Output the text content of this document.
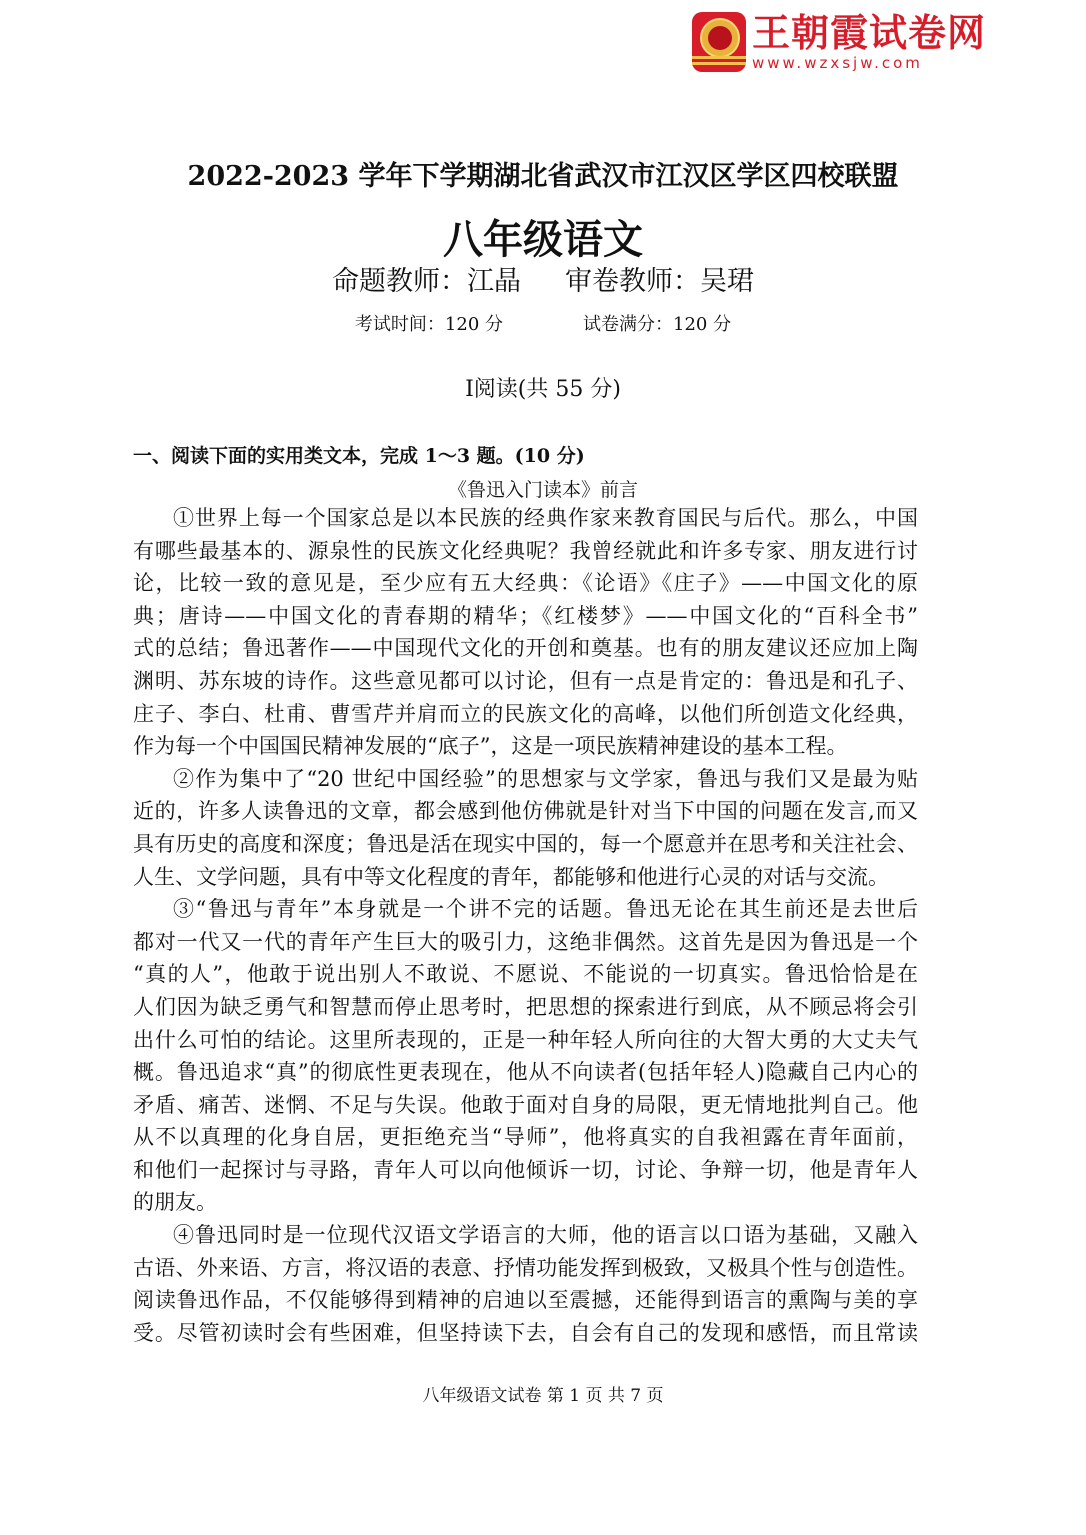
王朝霞试卷网
www.wzxsjw.com
2022-2023 学年下学期湖北省武汉市江汉区学区四校联盟
八年级语文
命题教师：江晶 审卷教师：吴珺
考试时间：120 分	试卷满分：120 分
Ⅰ阅读(共 55 分)
一、阅读下面的实用类文本，完成 1～3 题。(10 分)
《鲁迅入门读本》前言
①世界上每一个国家总是以本民族的经典作家来教育国民与后代。那么，中国
有哪些最基本的、源泉性的民族文化经典呢？我曾经就此和许多专家、朋友进行讨
论，比较一致的意见是，至少应有五大经典：《论语》《庄子》——中国文化的原
典；唐诗——中国文化的青春期的精华；《红楼梦》——中国文化的“百科全书”
式的总结；鲁迅著作——中国现代文化的开创和奠基。也有的朋友建议还应加上陶
渊明、苏东坡的诗作。这些意见都可以讨论，但有一点是肯定的：鲁迅是和孔子、
庄子、李白、杜甫、曹雪芹并肩而立的民族文化的高峰，以他们所创造文化经典，
作为每一个中国国民精神发展的“底子”，这是一项民族精神建设的基本工程。
②作为集中了“20 世纪中国经验”的思想家与文学家，鲁迅与我们又是最为贴
近的，许多人读鲁迅的文章，都会感到他仿佛就是针对当下中国的问题在发言,而又
具有历史的高度和深度；鲁迅是活在现实中国的，每一个愿意并在思考和关注社会、
人生、文学问题，具有中等文化程度的青年，都能够和他进行心灵的对话与交流。
③“鲁迅与青年”本身就是一个讲不完的话题。鲁迅无论在其生前还是去世后
都对一代又一代的青年产生巨大的吸引力，这绝非偶然。这首先是因为鲁迅是一个
“真的人”，他敢于说出别人不敢说、不愿说、不能说的一切真实。鲁迅恰恰是在
人们因为缺乏勇气和智慧而停止思考时，把思想的探索进行到底，从不顾忌将会引
出什么可怕的结论。这里所表现的，正是一种年轻人所向往的大智大勇的大丈夫气
概。鲁迅追求“真”的彻底性更表现在，他从不向读者(包括年轻人)隐藏自己内心的
矛盾、痛苦、迷惘、不足与失误。他敢于面对自身的局限，更无情地批判自己。他
从不以真理的化身自居，更拒绝充当“导师”，他将真实的自我袒露在青年面前，
和他们一起探讨与寻路，青年人可以向他倾诉一切，讨论、争辩一切，他是青年人
的朋友。
④鲁迅同时是一位现代汉语文学语言的大师，他的语言以口语为基础，又融入
古语、外来语、方言，将汉语的表意、抒情功能发挥到极致，又极具个性与创造性。
阅读鲁迅作品，不仅能够得到精神的启迪以至震撼，还能得到语言的熏陶与美的享
受。尽管初读时会有些困难，但坚持读下去，自会有自己的发现和感悟，而且常读
八年级语文试卷 第 1 页 共 7 页
